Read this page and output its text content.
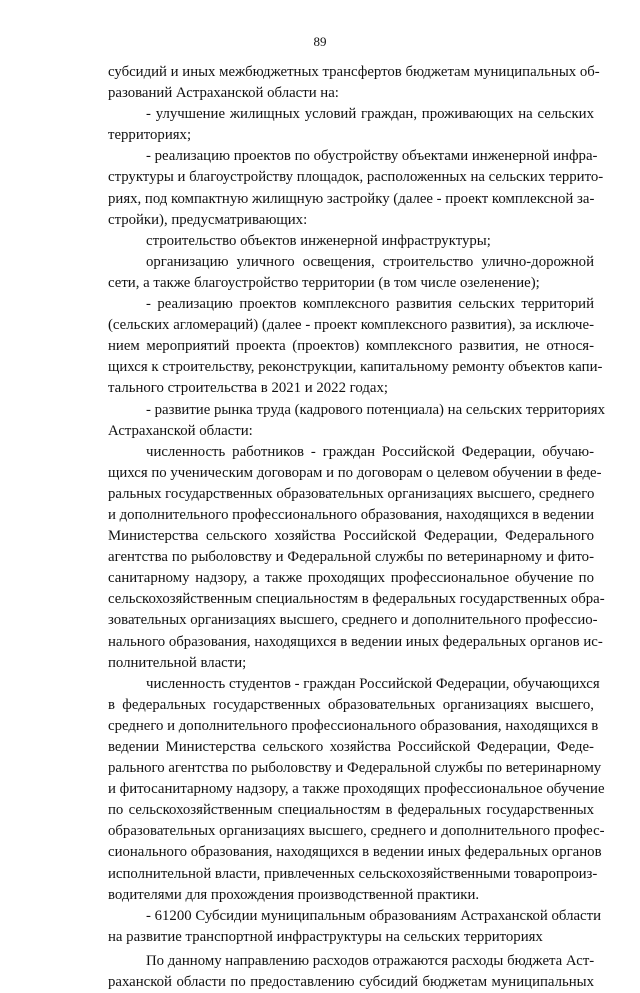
89
субсидий и иных межбюджетных трансфертов бюджетам муниципальных об-
разований Астраханской области на:
- улучшение жилищных условий граждан, проживающих на сельских
территориях;
- реализацию проектов по обустройству объектами инженерной инфра-
структуры и благоустройству площадок, расположенных на сельских террито-
риях, под компактную жилищную застройку (далее - проект комплексной за-
стройки), предусматривающих:
строительство объектов инженерной инфраструктуры;
организацию уличного освещения, строительство улично-дорожной
сети, а также благоустройство территории (в том числе озеленение);
- реализацию проектов комплексного развития сельских территорий
(сельских агломераций) (далее - проект комплексного развития), за исключе-
нием мероприятий проекта (проектов) комплексного развития, не относя-
щихся к строительству, реконструкции, капитальному ремонту объектов капи-
тального строительства в 2021 и 2022 годах;
- развитие рынка труда (кадрового потенциала) на сельских территориях
Астраханской области:
численность работников - граждан Российской Федерации, обучаю-
щихся по ученическим договорам и по договорам о целевом обучении в феде-
ральных государственных образовательных организациях высшего, среднего
и дополнительного профессионального образования, находящихся в ведении
Министерства сельского хозяйства Российской Федерации, Федерального
агентства по рыболовству и Федеральной службы по ветеринарному и фито-
санитарному надзору, а также проходящих профессиональное обучение по
сельскохозяйственным специальностям в федеральных государственных обра-
зовательных организациях высшего, среднего и дополнительного профессио-
нального образования, находящихся в ведении иных федеральных органов ис-
полнительной власти;
численность студентов - граждан Российской Федерации, обучающихся
в федеральных государственных образовательных организациях высшего,
среднего и дополнительного профессионального образования, находящихся в
ведении Министерства сельского хозяйства Российской Федерации, Феде-
рального агентства по рыболовству и Федеральной службы по ветеринарному
и фитосанитарному надзору, а также проходящих профессиональное обучение
по сельскохозяйственным специальностям в федеральных государственных
образовательных организациях высшего, среднего и дополнительного профес-
сионального образования, находящихся в ведении иных федеральных органов
исполнительной власти, привлеченных сельскохозяйственными товаропроиз-
водителями для прохождения производственной практики.
- 61200 Субсидии муниципальным образованиям Астраханской области
на развитие транспортной инфраструктуры на сельских территориях
По данному направлению расходов отражаются расходы бюджета Аст-
раханской области по предоставлению субсидий бюджетам муниципальных
